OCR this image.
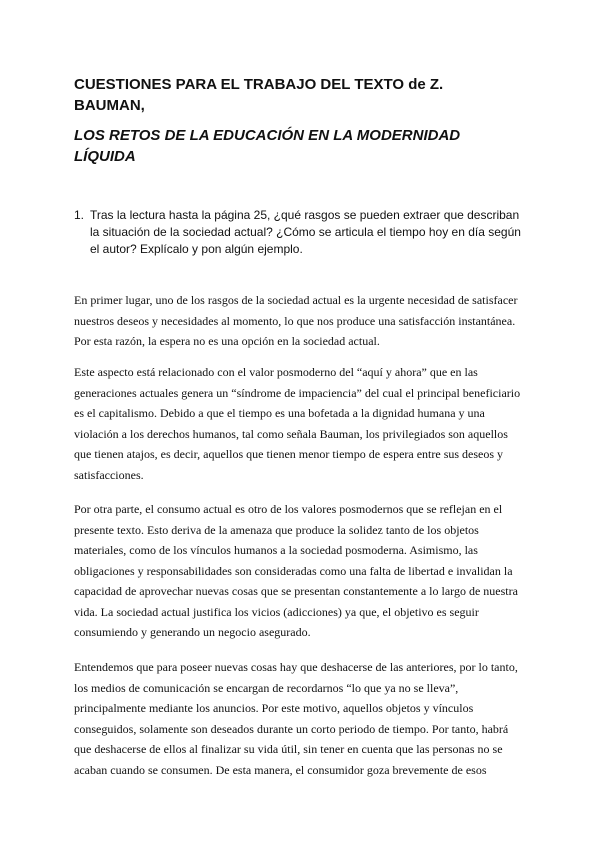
CUESTIONES PARA EL TRABAJO DEL TEXTO de Z. BAUMAN,
LOS RETOS DE LA EDUCACIÓN EN LA MODERNIDAD LÍQUIDA
1. Tras la lectura hasta la página 25, ¿qué rasgos se pueden extraer que describan la situación de la sociedad actual? ¿Cómo se articula el tiempo hoy en día según el autor? Explícalo y pon algún ejemplo.

En primer lugar, uno de los rasgos de la sociedad actual es la urgente necesidad de satisfacer nuestros deseos y necesidades al momento, lo que nos produce una satisfacción instantánea. Por esta razón, la espera no es una opción en la sociedad actual.

Este aspecto está relacionado con el valor posmoderno del “aquí y ahora” que en las generaciones actuales genera un “síndrome de impaciencia” del cual el principal beneficiario es el capitalismo. Debido a que el tiempo es una bofetada a la dignidad humana y una violación a los derechos humanos, tal como señala Bauman, los privilegiados son aquellos que tienen atajos, es decir, aquellos que tienen menor tiempo de espera entre sus deseos y satisfacciones.

Por otra parte, el consumo actual es otro de los valores posmodernos que se reflejan en el presente texto. Esto deriva de la amenaza que produce la solidez tanto de los objetos materiales, como de los vínculos humanos a la sociedad posmoderna. Asimismo, las obligaciones y responsabilidades son consideradas como una falta de libertad e invalidan la capacidad de aprovechar nuevas cosas que se presentan constantemente a lo largo de nuestra vida. La sociedad actual justifica los vicios (adicciones) ya que, el objetivo es seguir consumiendo y generando un negocio asegurado.

Entendemos que para poseer nuevas cosas hay que deshacerse de las anteriores, por lo tanto, los medios de comunicación se encargan de recordarnos “lo que ya no se lleva”, principalmente mediante los anuncios. Por este motivo, aquellos objetos y vínculos conseguidos, solamente son deseados durante un corto periodo de tiempo. Por tanto, habrá que deshacerse de ellos al finalizar su vida útil, sin tener en cuenta que las personas no se acaban cuando se consumen. De esta manera, el consumidor goza brevemente de esos
